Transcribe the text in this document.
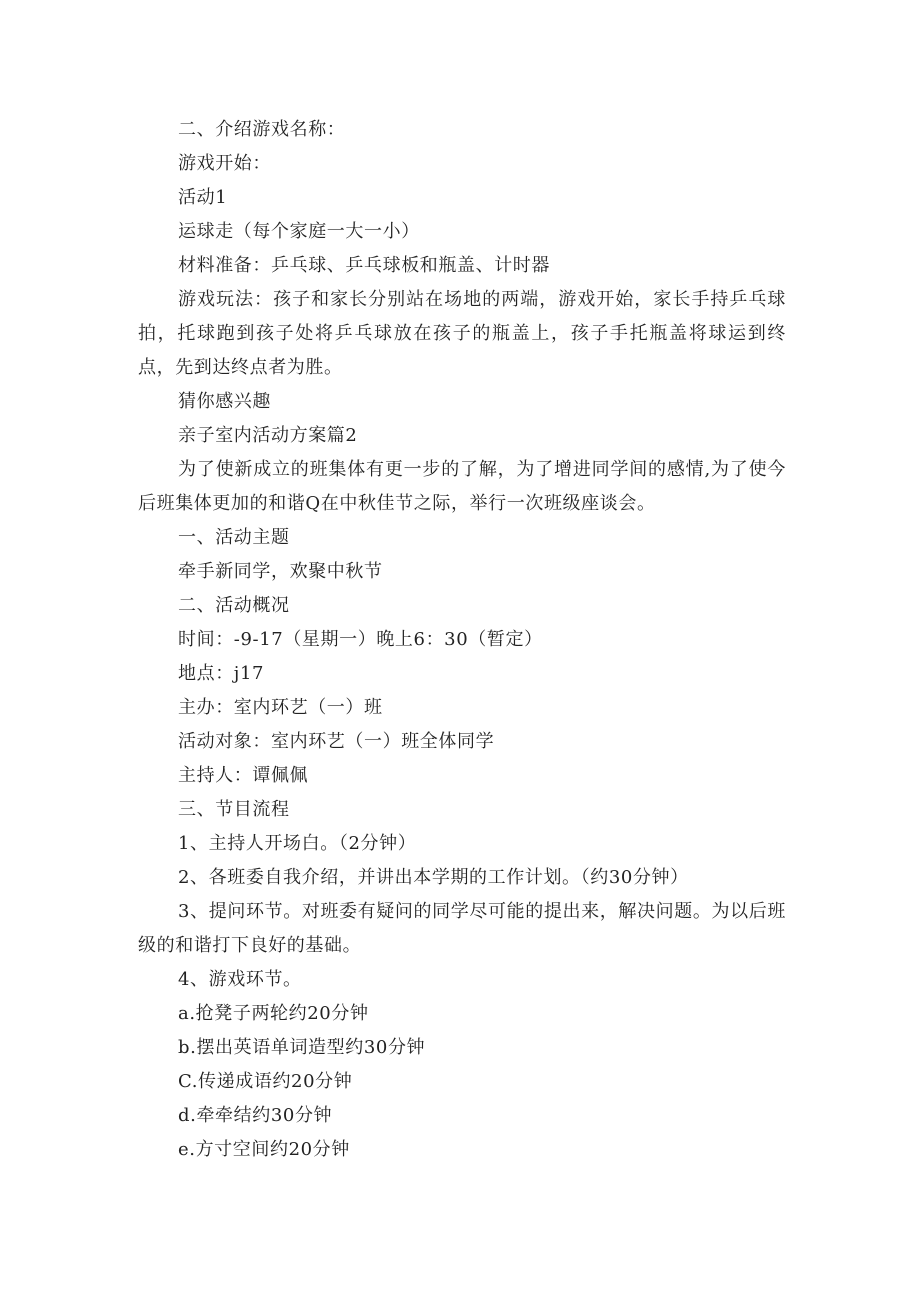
二、介绍游戏名称：

游戏开始：

活动1

运球走（每个家庭一大一小）

材料准备：乒乓球、乒乓球板和瓶盖、计时器

游戏玩法：孩子和家长分别站在场地的两端，游戏开始，家长手持乒乓球拍，托球跑到孩子处将乒乓球放在孩子的瓶盖上，孩子手托瓶盖将球运到终点，先到达终点者为胜。

猜你感兴趣

亲子室内活动方案篇2

为了使新成立的班集体有更一步的了解，为了增进同学间的感情,为了使今后班集体更加的和谐Q在中秋佳节之际，举行一次班级座谈会。

一、活动主题

牵手新同学，欢聚中秋节

二、活动概况

时间：-9-17（星期一）晚上6：30（暂定）

地点：j17

主办：室内环艺（一）班

活动对象：室内环艺（一）班全体同学

主持人：谭佩佩

三、节目流程

1、主持人开场白。（2分钟）

2、各班委自我介绍，并讲出本学期的工作计划。（约30分钟）

3、提问环节。对班委有疑问的同学尽可能的提出来，解决问题。为以后班级的和谐打下良好的基础。

4、游戏环节。

a.抢凳子两轮约20分钟

b.摆出英语单词造型约30分钟

C.传递成语约20分钟

d.牵牵结约30分钟

e.方寸空间约20分钟
